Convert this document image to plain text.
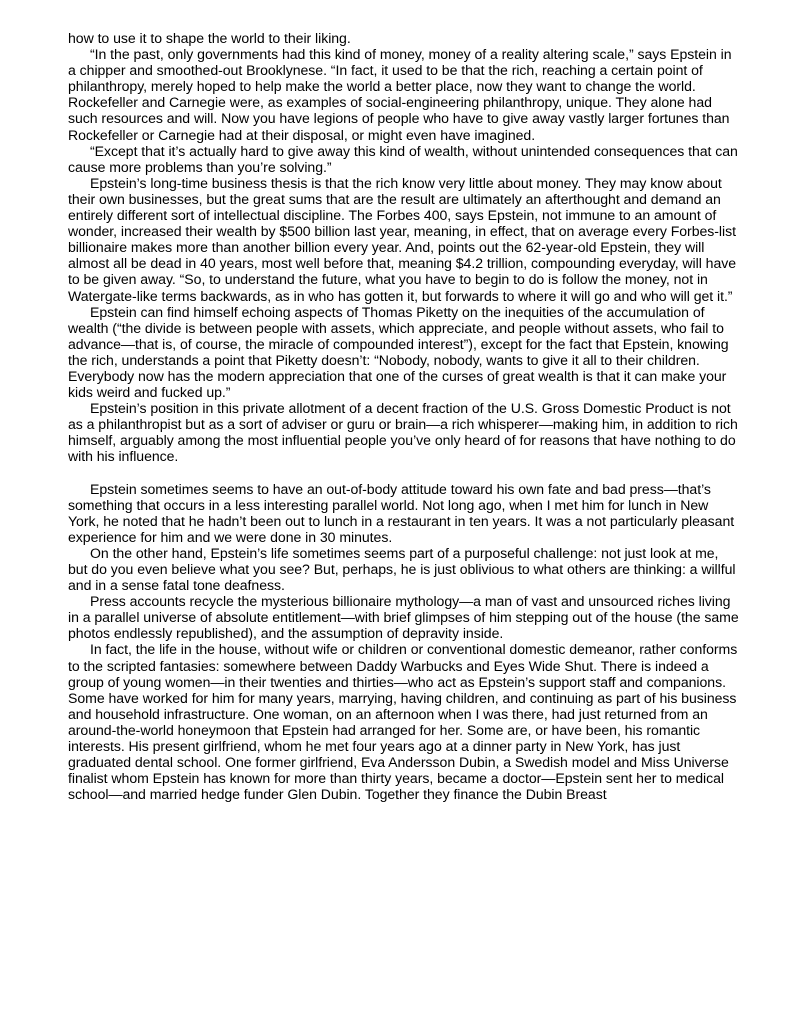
how to use it to shape the world to their liking.

“In the past, only governments had this kind of money, money of a reality altering scale,” says Epstein in a chipper and smoothed-out Brooklynese. “In fact, it used to be that the rich, reaching a certain point of philanthropy, merely hoped to help make the world a better place, now they want to change the world. Rockefeller and Carnegie were, as examples of social-engineering philanthropy, unique. They alone had such resources and will. Now you have legions of people who have to give away vastly larger fortunes than Rockefeller or Carnegie had at their disposal, or might even have imagined.

“Except that it’s actually hard to give away this kind of wealth, without unintended consequences that can cause more problems than you’re solving.”

Epstein’s long-time business thesis is that the rich know very little about money. They may know about their own businesses, but the great sums that are the result are ultimately an afterthought and demand an entirely different sort of intellectual discipline. The Forbes 400, says Epstein, not immune to an amount of wonder, increased their wealth by $500 billion last year, meaning, in effect, that on average every Forbes-list billionaire makes more than another billion every year. And, points out the 62-year-old Epstein, they will almost all be dead in 40 years, most well before that, meaning $4.2 trillion, compounding everyday, will have to be given away. “So, to understand the future, what you have to begin to do is follow the money, not in Watergate-like terms backwards, as in who has gotten it, but forwards to where it will go and who will get it.”

Epstein can find himself echoing aspects of Thomas Piketty on the inequities of the accumulation of wealth (“the divide is between people with assets, which appreciate, and people without assets, who fail to advance—that is, of course, the miracle of compounded interest”), except for the fact that Epstein, knowing the rich, understands a point that Piketty doesn’t: “Nobody, nobody, wants to give it all to their children. Everybody now has the modern appreciation that one of the curses of great wealth is that it can make your kids weird and fucked up.”

Epstein’s position in this private allotment of a decent fraction of the U.S. Gross Domestic Product is not as a philanthropist but as a sort of adviser or guru or brain—a rich whisperer—making him, in addition to rich himself, arguably among the most influential people you’ve only heard of for reasons that have nothing to do with his influence.

Epstein sometimes seems to have an out-of-body attitude toward his own fate and bad press—that’s something that occurs in a less interesting parallel world. Not long ago, when I met him for lunch in New York, he noted that he hadn’t been out to lunch in a restaurant in ten years. It was a not particularly pleasant experience for him and we were done in 30 minutes.

On the other hand, Epstein’s life sometimes seems part of a purposeful challenge: not just look at me, but do you even believe what you see? But, perhaps, he is just oblivious to what others are thinking: a willful and in a sense fatal tone deafness.

Press accounts recycle the mysterious billionaire mythology—a man of vast and unsourced riches living in a parallel universe of absolute entitlement—with brief glimpses of him stepping out of the house (the same photos endlessly republished), and the assumption of depravity inside.

In fact, the life in the house, without wife or children or conventional domestic demeanor, rather conforms to the scripted fantasies: somewhere between Daddy Warbucks and Eyes Wide Shut. There is indeed a group of young women—in their twenties and thirties—who act as Epstein’s support staff and companions. Some have worked for him for many years, marrying, having children, and continuing as part of his business and household infrastructure. One woman, on an afternoon when I was there, had just returned from an around-the-world honeymoon that Epstein had arranged for her. Some are, or have been, his romantic interests. His present girlfriend, whom he met four years ago at a dinner party in New York, has just graduated dental school. One former girlfriend, Eva Andersson Dubin, a Swedish model and Miss Universe finalist whom Epstein has known for more than thirty years, became a doctor—Epstein sent her to medical school—and married hedge funder Glen Dubin. Together they finance the Dubin Breast
